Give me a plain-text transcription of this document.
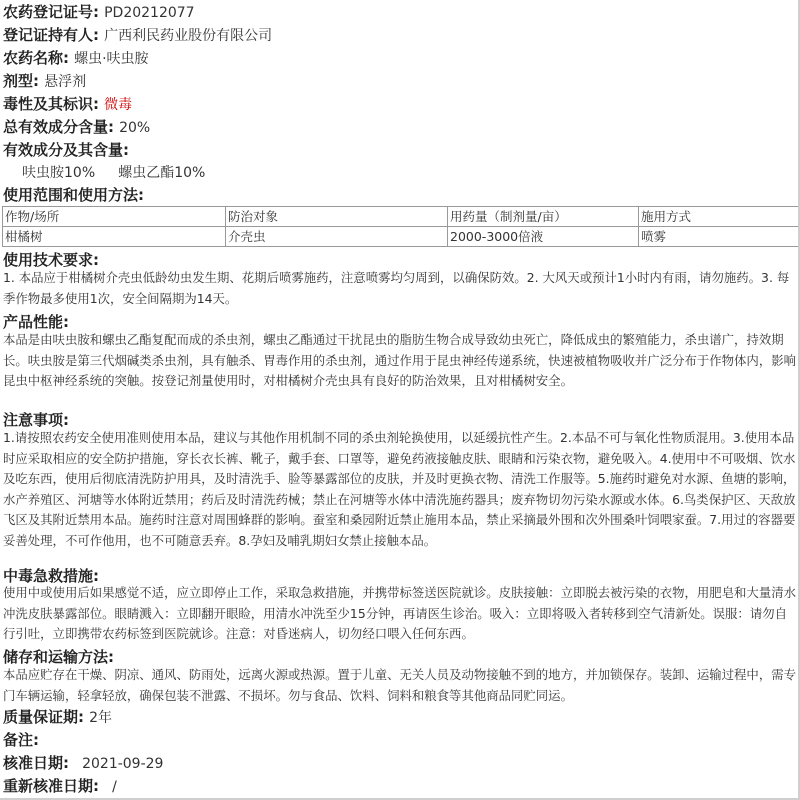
农药登记证号: PD20212077
登记证持有人: 广西利民药业股份有限公司
农药名称: 螺虫·呋虫胺
剂型: 悬浮剂
毒性及其标识: 微毒
总有效成分含量: 20%
有效成分及其含量:
呋虫胺10% 螺虫乙酯10%
使用范围和使用方法:
作物/场所	防治对象	用药量（制剂量/亩）	施用方式
柑橘树	介壳虫	2000-3000倍液	喷雾
使用技术要求:
1. 本品应于柑橘树介壳虫低龄幼虫发生期、花期后喷雾施药，注意喷雾均匀周到，以确保防效。2. 大风天或预计1小时内有雨，请勿施药。3. 每季作物最多使用1次，安全间隔期为14天。
产品性能:
本品是由呋虫胺和螺虫乙酯复配而成的杀虫剂，螺虫乙酯通过干扰昆虫的脂肪生物合成导致幼虫死亡，降低成虫的繁殖能力，杀虫谱广，持效期长。呋虫胺是第三代烟碱类杀虫剂，具有触杀、胃毒作用的杀虫剂，通过作用于昆虫神经传递系统，快速被植物吸收并广泛分布于作物体内，影响昆虫中枢神经系统的突触。按登记剂量使用时，对柑橘树介壳虫具有良好的防治效果，且对柑橘树安全。
注意事项:
1.请按照农药安全使用准则使用本品，建议与其他作用机制不同的杀虫剂轮换使用，以延缓抗性产生。2.本品不可与氧化性物质混用。3.使用本品时应采取相应的安全防护措施，穿长衣长裤、靴子，戴手套、口罩等，避免药液接触皮肤、眼睛和污染衣物，避免吸入。4.使用中不可吸烟、饮水及吃东西，使用后彻底清洗防护用具，及时清洗手、脸等暴露部位的皮肤，并及时更换衣物、清洗工作服等。5.施药时避免对水源、鱼塘的影响，水产养殖区、河塘等水体附近禁用；药后及时清洗药械；禁止在河塘等水体中清洗施药器具；废弃物切勿污染水源或水体。6.鸟类保护区、天敌放飞区及其附近禁用本品。施药时注意对周围蜂群的影响。蚕室和桑园附近禁止施用本品，禁止采摘最外围和次外围桑叶饲喂家蚕。7.用过的容器要妥善处理，不可作他用，也不可随意丢弃。8.孕妇及哺乳期妇女禁止接触本品。
中毒急救措施:
使用中或使用后如果感觉不适，应立即停止工作，采取急救措施，并携带标签送医院就诊。皮肤接触：立即脱去被污染的衣物，用肥皂和大量清水冲洗皮肤暴露部位。眼睛溅入：立即翻开眼睑，用清水冲洗至少15分钟，再请医生诊治。吸入：立即将吸入者转移到空气清新处。误服：请勿自行引吐，立即携带农药标签到医院就诊。注意：对昏迷病人，切勿经口喂入任何东西。
储存和运输方法:
本品应贮存在干燥、阴凉、通风、防雨处，远离火源或热源。置于儿童、无关人员及动物接触不到的地方，并加锁保存。装卸、运输过程中，需专门车辆运输，轻拿轻放，确保包装不泄露、不损坏。勿与食品、饮料、饲料和粮食等其他商品同贮同运。
质量保证期: 2年
备注:
核准日期: 2021-09-29
重新核准日期: /
